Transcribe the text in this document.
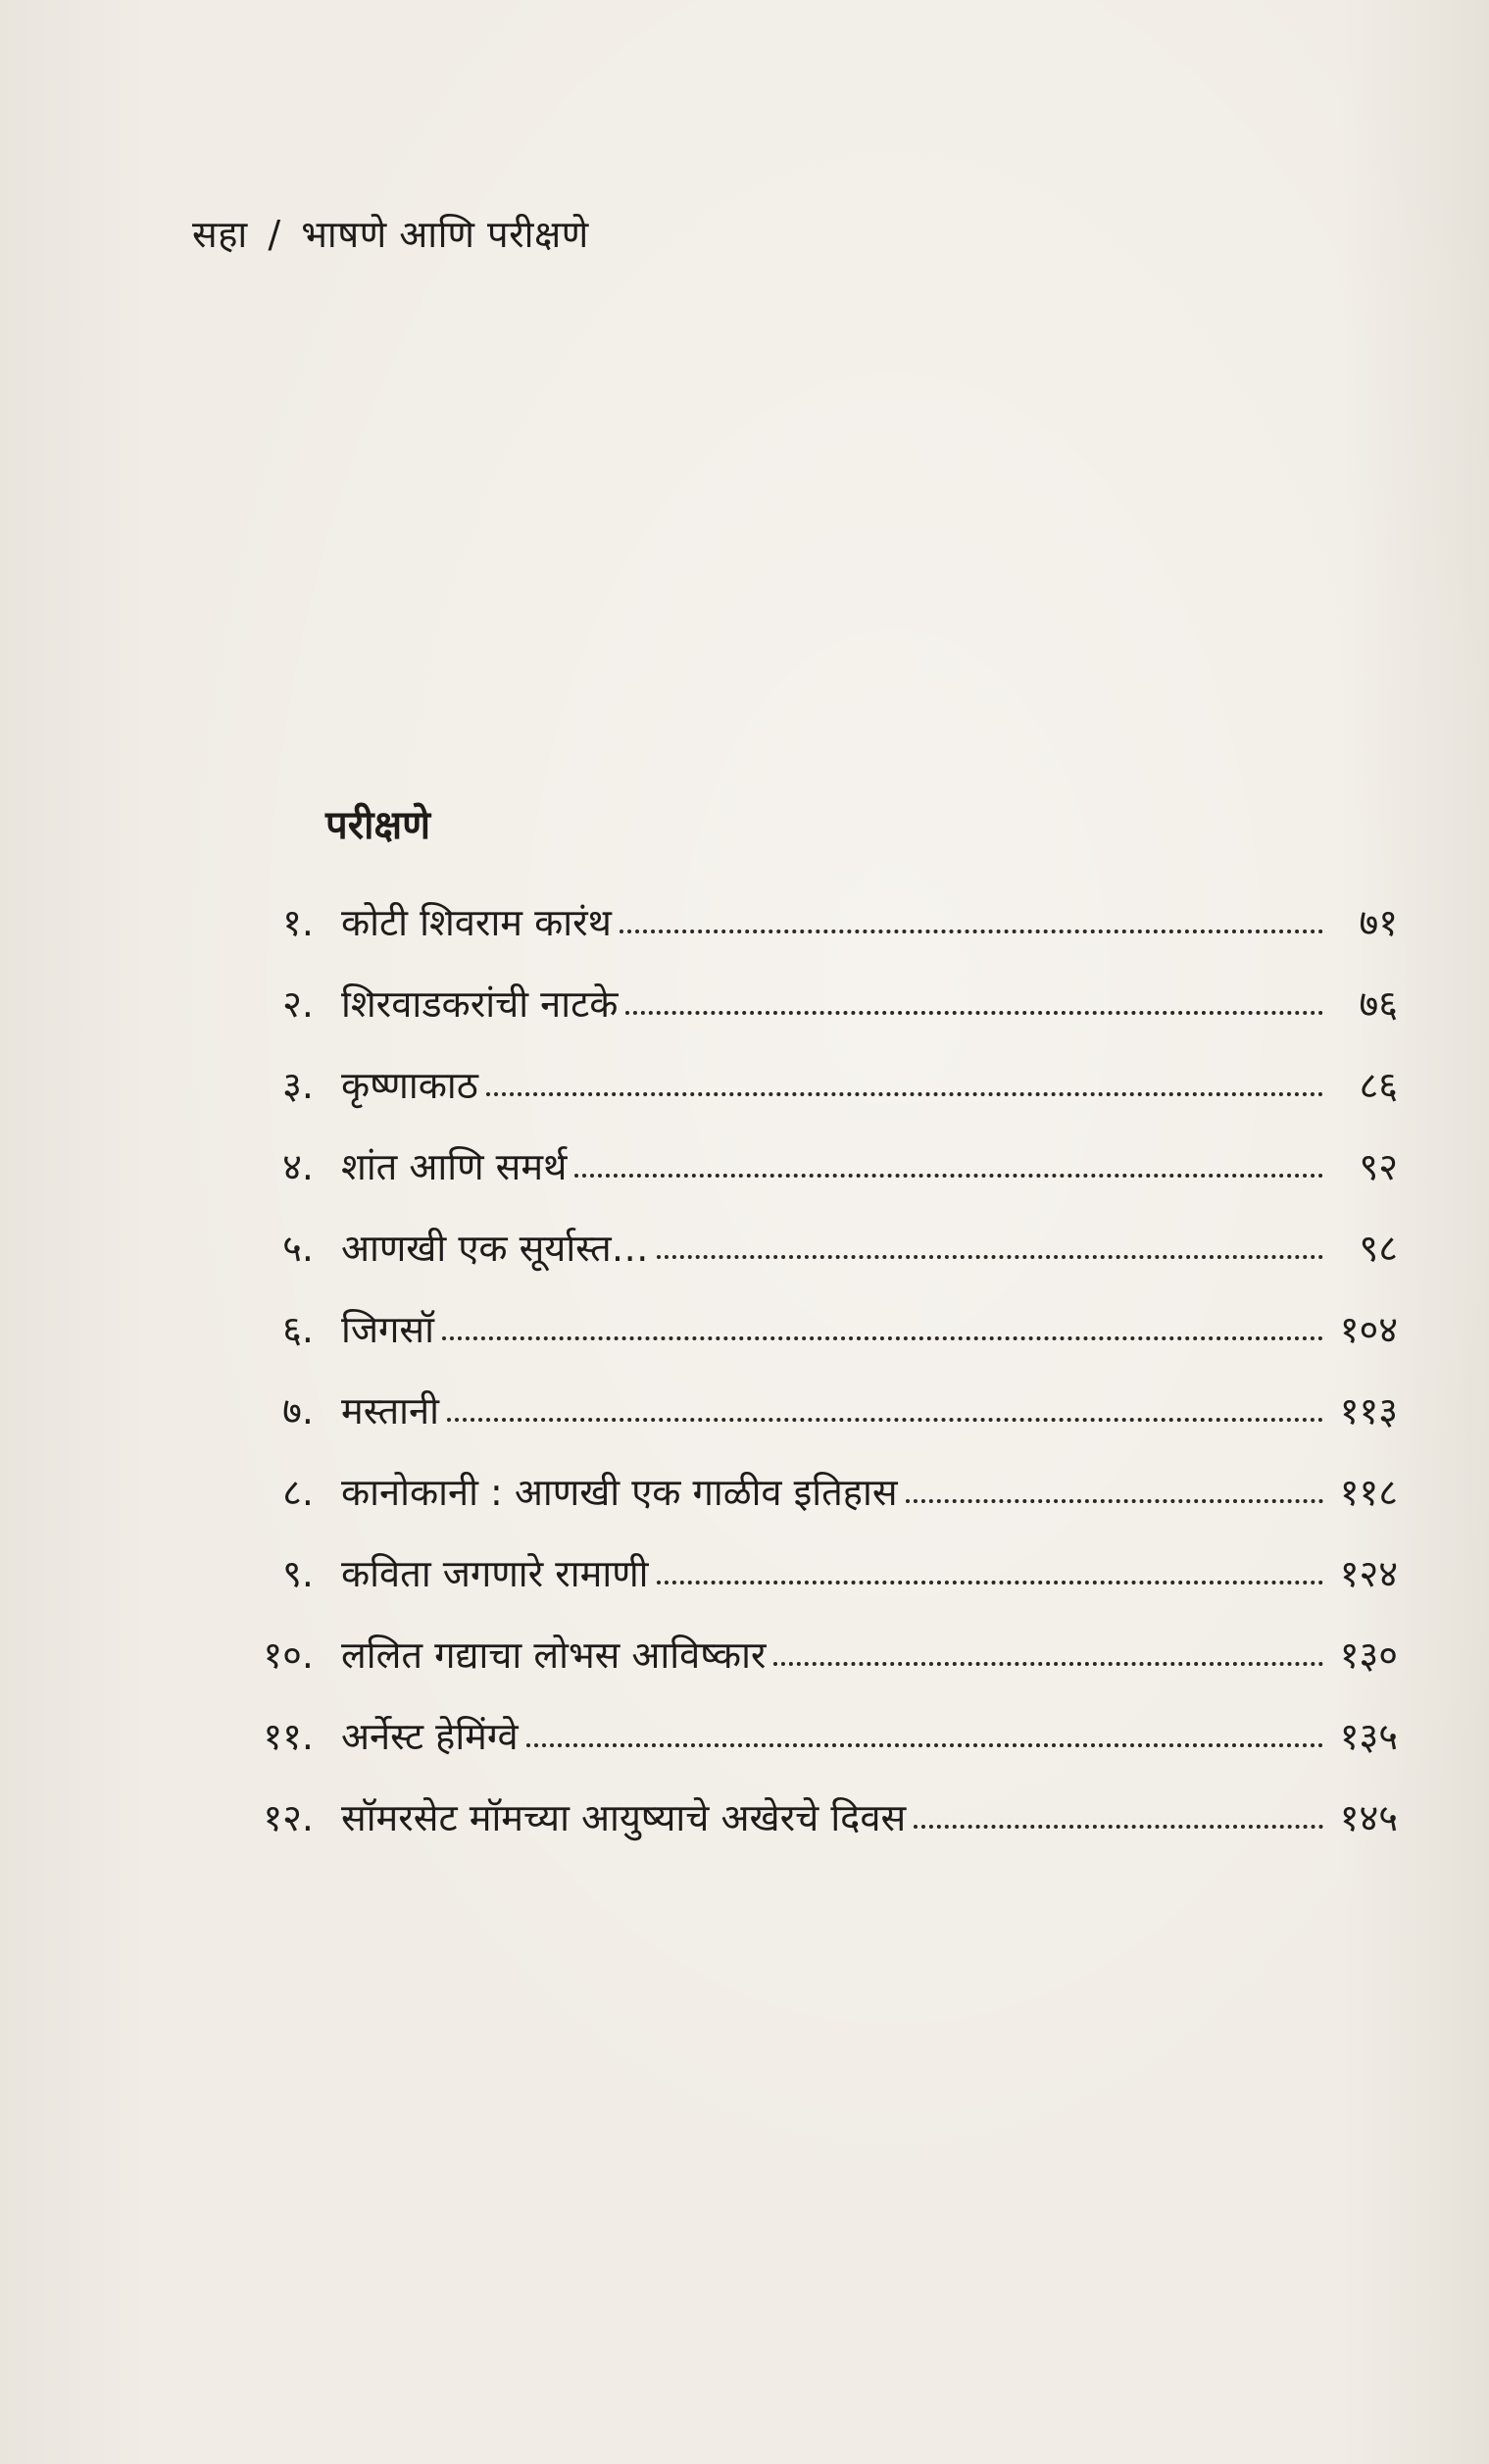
सहा / भाषणे आणि परीक्षणे
परीक्षणे
१. कोटी शिवराम कारंथ	७१
२. शिरवाडकरांची नाटके	७६
३. कृष्णाकाठ	८६
४. शांत आणि समर्थ	९२
५. आणखी एक सूर्यास्त…	९८
६. जिगसॉ	१०४
७. मस्तानी	११३
८. कानोकानी : आणखी एक गाळीव इतिहास	११८
९. कविता जगणारे रामाणी	१२४
१०. ललित गद्याचा लोभस आविष्कार	१३०
११. अर्नेस्ट हेमिंग्वे	१३५
१२. सॉमरसेट मॉमच्या आयुष्याचे अखेरचे दिवस	१४५
